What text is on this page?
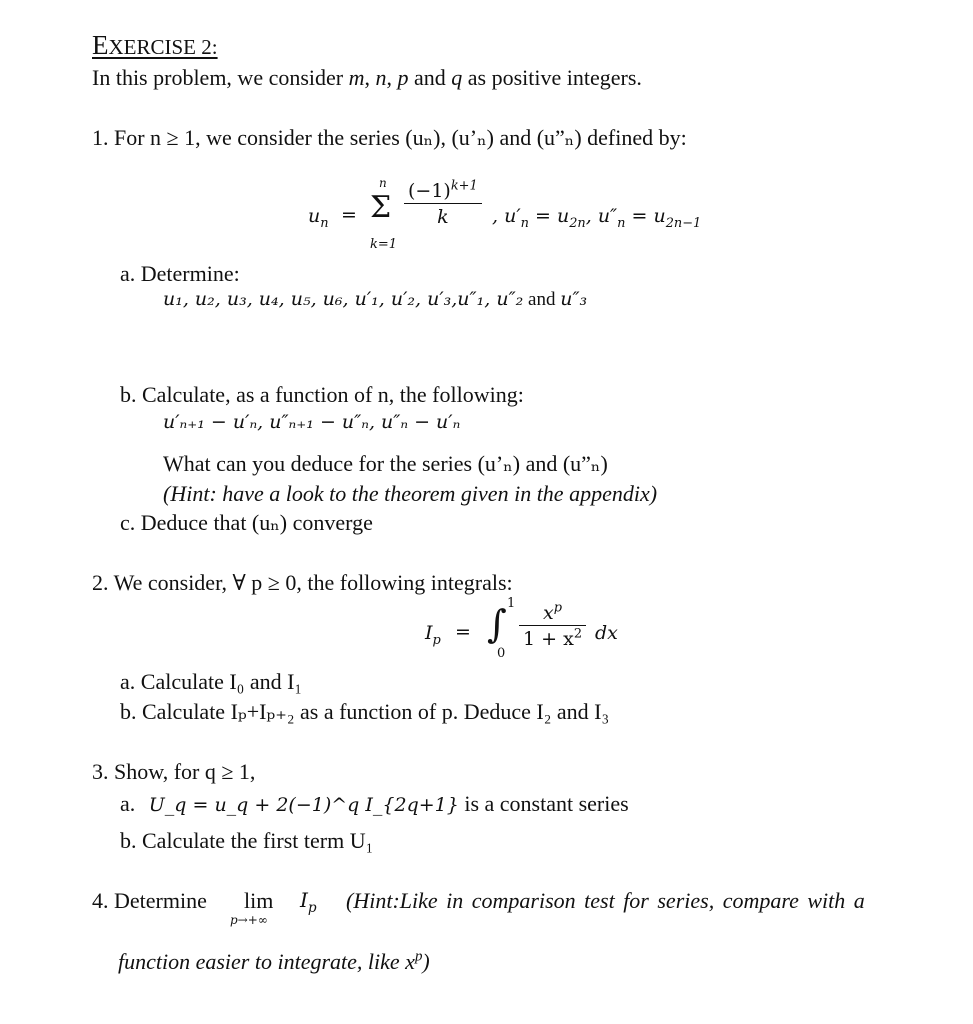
EXERCISE 2:
In this problem, we consider m, n, p and q as positive integers.
1. For n ≥ 1, we consider the series (uₙ), (u’ₙ) and (u”ₙ) defined by:
$u_n$ =
n
Σ
k=1
$\frac{(-1)^{k+1}}{k}$ , $u'_n = u_{2n}$, $u''_n = u_{2n-1}$
a. Determine:
u₁, u₂, u₃, u₄, u₅, u₆, u′₁, u′₂, u′₃,u″₁, u″₂ and u″₃
b. Calculate, as a function of n, the following:
u′ₙ₊₁ − u′ₙ, u″ₙ₊₁ − u″ₙ, u″ₙ − u′ₙ
What can you deduce for the series (u’ₙ) and (u”ₙ)
(Hint: have a look to the theorem given in the appendix)
c. Deduce that (uₙ) converge
2. We consider, ∀ p ≥ 0, the following integrals:
$I_p$ = ∫ 1
0
$\frac{x^p}{1 + x^2}$ dx
a. Calculate I₀ and I₁
b. Calculate Iₚ+Iₚ₊₂ as a function of p. Deduce I₂ and I₃
3. Show, for q ≥ 1,
a. U_q = u_q + 2(−1)^q I_{2q+1} is a constant series
b. Calculate the first term U₁
4. Determine lim
p→+∞
$I_p$ (Hint:Like in comparison test for series, compare with a
function easier to integrate, like $x^p$)
